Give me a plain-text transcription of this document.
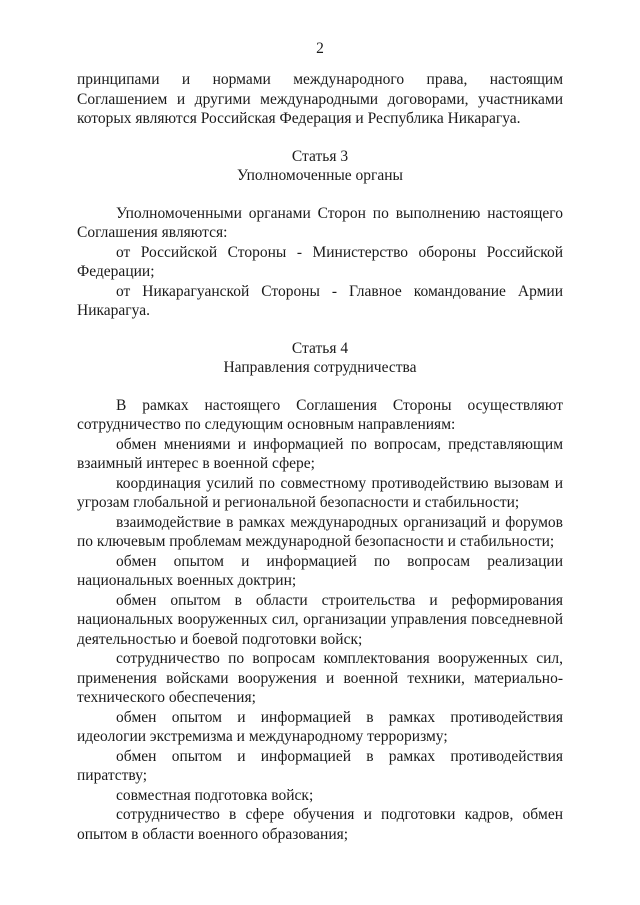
2

принципами и нормами международного права, настоящим Соглашением и другими международными договорами, участниками которых являются Российская Федерация и Республика Никарагуа.

Статья 3

Уполномоченные органы

Уполномоченными органами Сторон по выполнению настоящего Соглашения являются:

от Российской Стороны - Министерство обороны Российской Федерации;

от Никарагуанской Стороны - Главное командование Армии Никарагуа.

Статья 4

Направления сотрудничества

В рамках настоящего Соглашения Стороны осуществляют сотрудничество по следующим основным направлениям:

обмен мнениями и информацией по вопросам, представляющим взаимный интерес в военной сфере;

координация усилий по совместному противодействию вызовам и угрозам глобальной и региональной безопасности и стабильности;

взаимодействие в рамках международных организаций и форумов по ключевым проблемам международной безопасности и стабильности;

обмен опытом и информацией по вопросам реализации национальных военных доктрин;

обмен опытом в области строительства и реформирования национальных вооруженных сил, организации управления повседневной деятельностью и боевой подготовки войск;

сотрудничество по вопросам комплектования вооруженных сил, применения войсками вооружения и военной техники, материально-технического обеспечения;

обмен опытом и информацией в рамках противодействия идеологии экстремизма и международному терроризму;

обмен опытом и информацией в рамках противодействия пиратству;

совместная подготовка войск;

сотрудничество в сфере обучения и подготовки кадров, обмен опытом в области военного образования;
